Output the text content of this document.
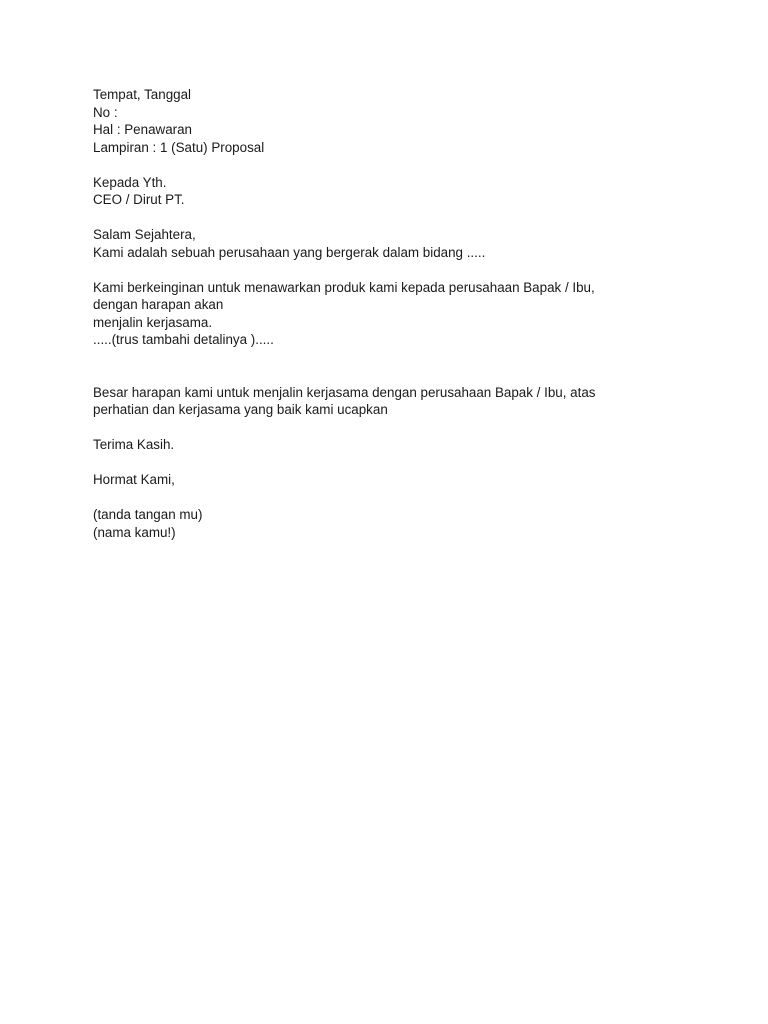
Tempat, Tanggal
No :
Hal : Penawaran
Lampiran : 1 (Satu) Proposal
Kepada Yth.
CEO / Dirut PT.
Salam Sejahtera,
Kami adalah sebuah perusahaan yang bergerak dalam bidang .....
Kami berkeinginan untuk menawarkan produk kami kepada perusahaan Bapak / Ibu,
dengan harapan akan
menjalin kerjasama.
.....(trus tambahi detalinya ).....
Besar harapan kami untuk menjalin kerjasama dengan perusahaan Bapak / Ibu, atas
perhatian dan kerjasama yang baik kami ucapkan
Terima Kasih.
Hormat Kami,
(tanda tangan mu)
(nama kamu!)
